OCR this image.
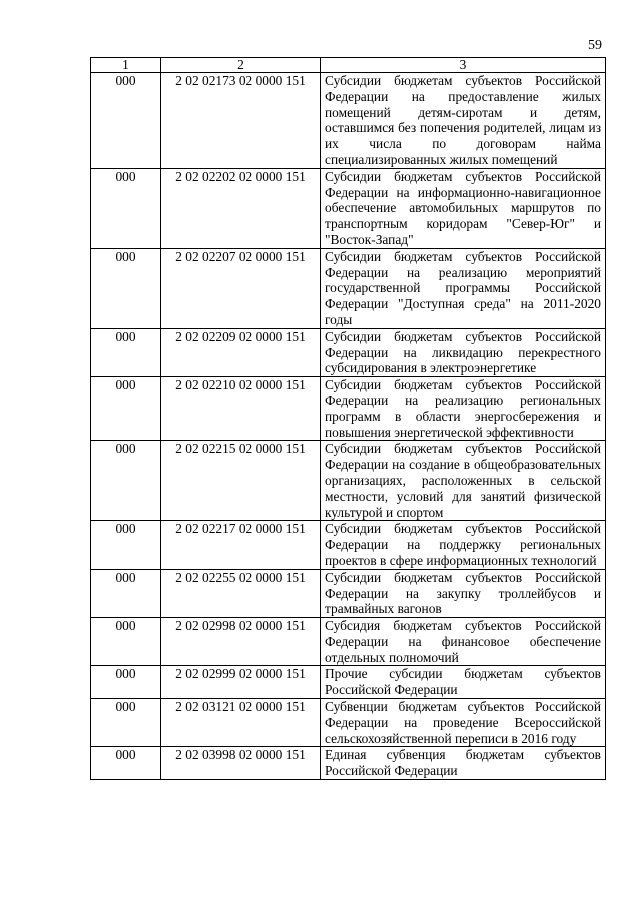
59
1	2	3
000	2 02 02173 02 0000 151	Субсидии бюджетам субъектов Российской Федерации на предоставление жилых помещений детям-сиротам и детям, оставшимся без попечения родителей, лицам из их числа по договорам найма специализированных жилых помещений
000	2 02 02202 02 0000 151	Субсидии бюджетам субъектов Российской Федерации на информационно-навигационное обеспечение автомобильных маршрутов по транспортным коридорам "Север-Юг" и "Восток-Запад"
000	2 02 02207 02 0000 151	Субсидии бюджетам субъектов Российской Федерации на реализацию мероприятий государственной программы Российской Федерации "Доступная среда" на 2011-2020 годы
000	2 02 02209 02 0000 151	Субсидии бюджетам субъектов Российской Федерации на ликвидацию перекрестного субсидирования в электроэнергетике
000	2 02 02210 02 0000 151	Субсидии бюджетам субъектов Российской Федерации на реализацию региональных программ в области энергосбережения и повышения энергетической эффективности
000	2 02 02215 02 0000 151	Субсидии бюджетам субъектов Российской Федерации на создание в общеобразовательных организациях, расположенных в сельской местности, условий для занятий физической культурой и спортом
000	2 02 02217 02 0000 151	Субсидии бюджетам субъектов Российской Федерации на поддержку региональных проектов в сфере информационных технологий
000	2 02 02255 02 0000 151	Субсидии бюджетам субъектов Российской Федерации на закупку троллейбусов и трамвайных вагонов
000	2 02 02998 02 0000 151	Субсидия бюджетам субъектов Российской Федерации на финансовое обеспечение отдельных полномочий
000	2 02 02999 02 0000 151	Прочие субсидии бюджетам субъектов Российской Федерации
000	2 02 03121 02 0000 151	Субвенции бюджетам субъектов Российской Федерации на проведение Всероссийской сельскохозяйственной переписи в 2016 году
000	2 02 03998 02 0000 151	Единая субвенция бюджетам субъектов Российской Федерации
